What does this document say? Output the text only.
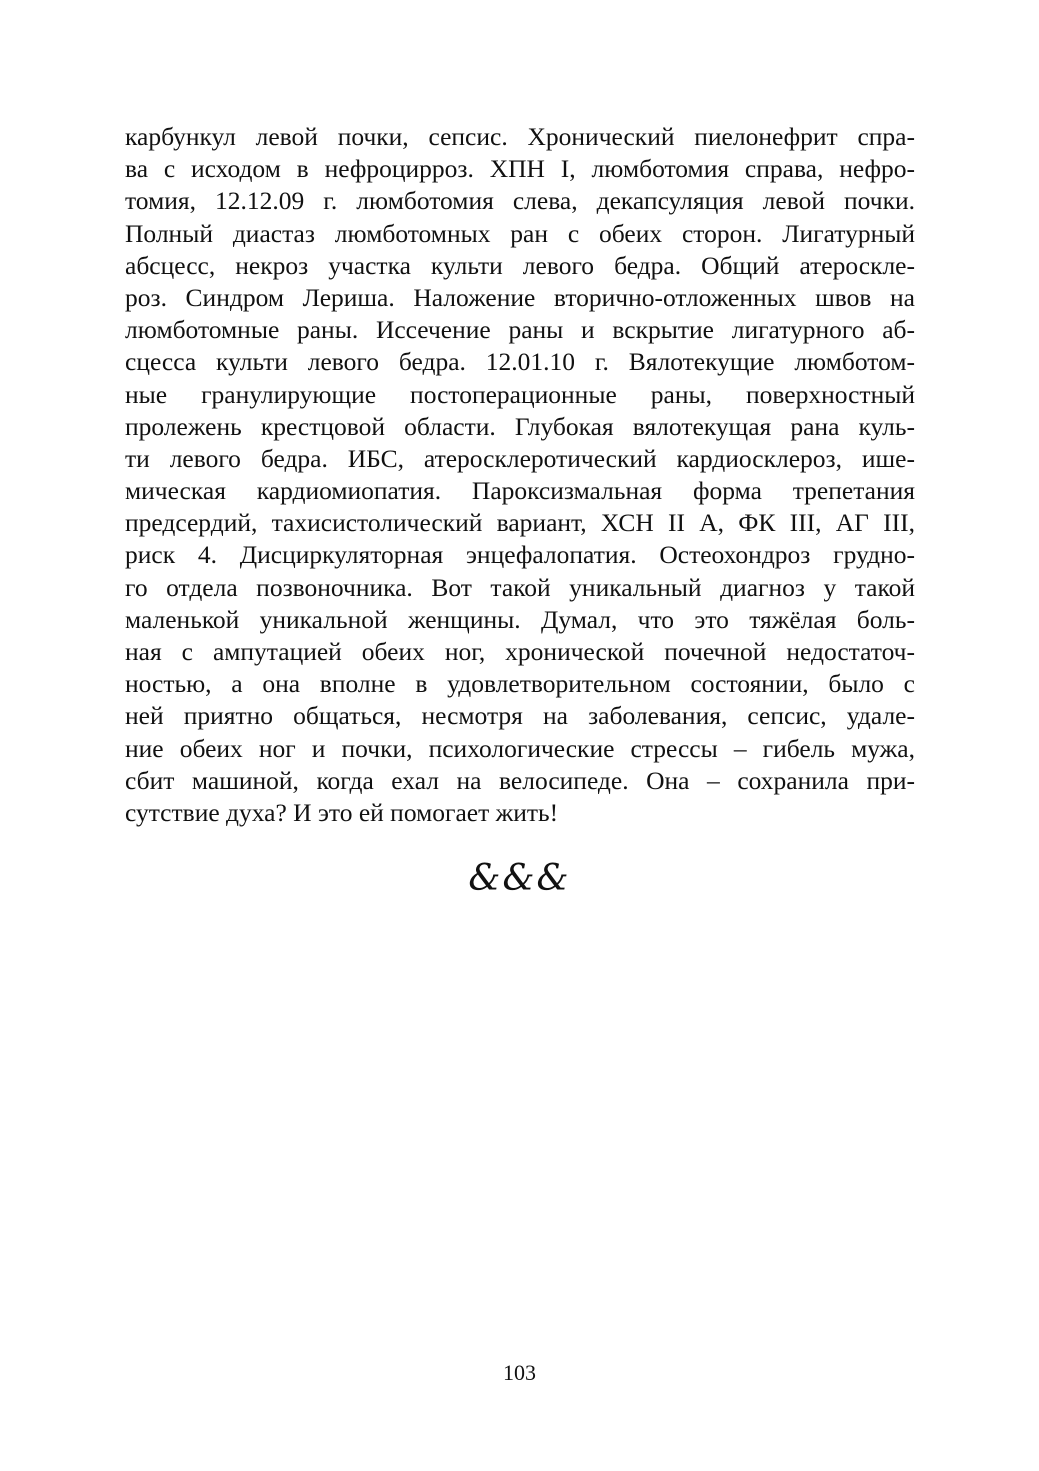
карбункул левой почки, сепсис. Хронический пиелонефрит спра-
ва с исходом в нефроцирроз. ХПН I, люмботомия справа, нефро-
томия, 12.12.09 г. люмботомия слева, декапсуляция левой почки.
Полный диастаз люмботомных ран с обеих сторон. Лигатурный
абсцесс, некроз участка культи левого бедра. Общий атероскле-
роз. Синдром Лериша. Наложение вторично-отложенных швов на
люмботомные раны. Иссечение раны и вскрытие лигатурного аб-
сцесса культи левого бедра. 12.01.10 г. Вялотекущие люмботом-
ные гранулирующие постоперационные раны, поверхностный
пролежень крестцовой области. Глубокая вялотекущая рана куль-
ти левого бедра. ИБС, атеросклеротический кардиосклероз, ише-
мическая кардиомиопатия. Пароксизмальная форма трепетания
предсердий, тахисистолический вариант, ХСН II А, ФК III, АГ III,
риск 4. Дисциркуляторная энцефалопатия. Остеохондроз грудно-
го отдела позвоночника. Вот такой уникальный диагноз у такой
маленькой уникальной женщины. Думал, что это тяжёлая боль-
ная с ампутацией обеих ног, хронической почечной недостаточ-
ностью, а она вполне в удовлетворительном состоянии, было с
ней приятно общаться, несмотря на заболевания, сепсис, удале-
ние обеих ног и почки, психологические стрессы – гибель мужа,
сбит машиной, когда ехал на велосипеде. Она – сохранила при-
сутствие духа? И это ей помогает жить!
&&&
103
